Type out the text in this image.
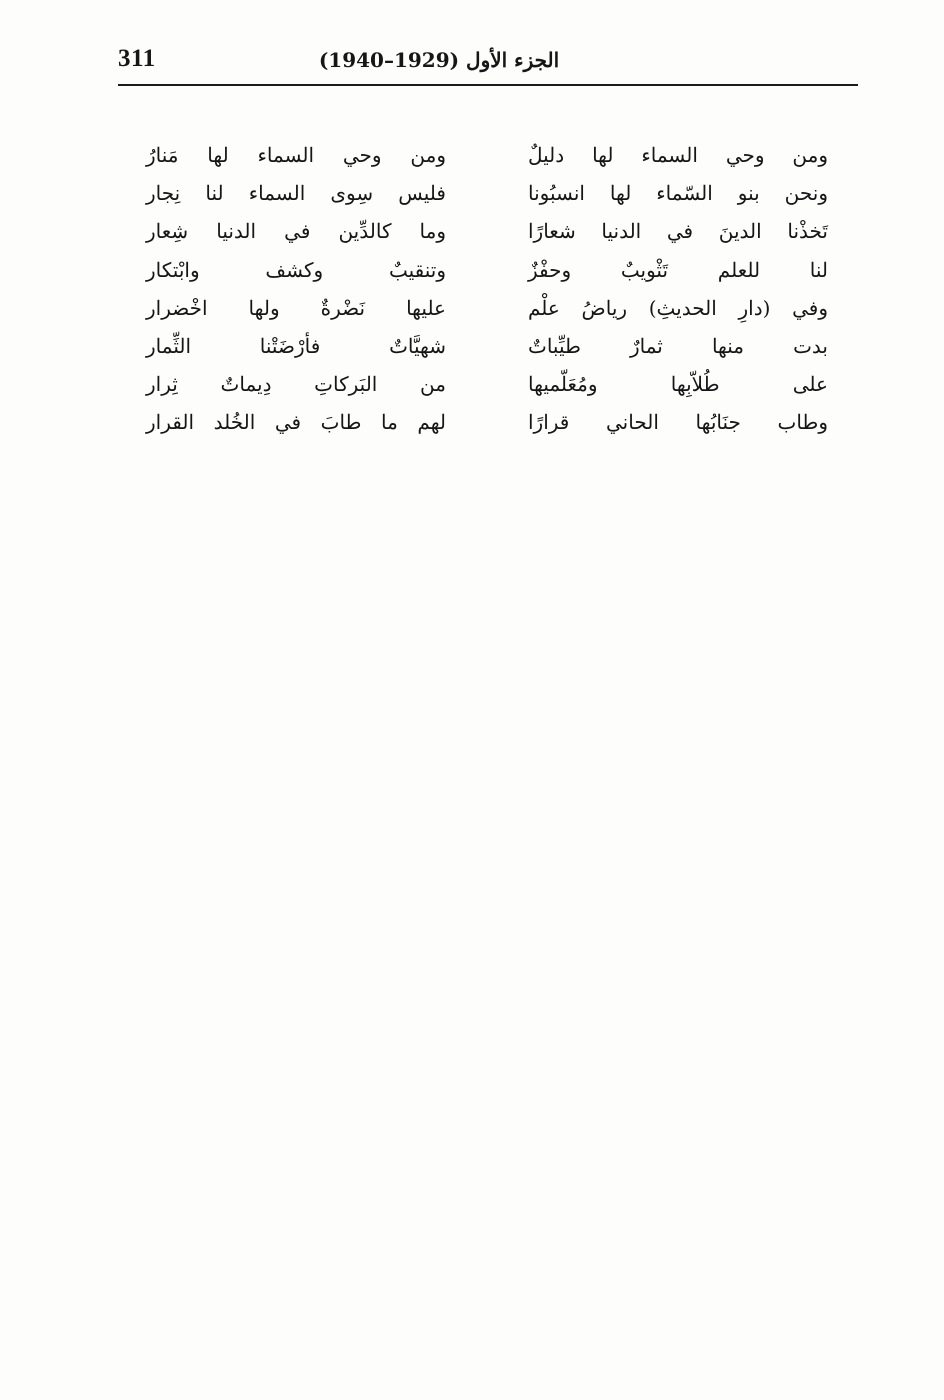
311	الجزء الأول (1929–1940)
ومن وحي السماء لها دليلٌ
ونحن بنو السّماء لها انسبُونا
تَخذْنا الدينَ في الدنيا شعارًا
لنا للعلم تَثْويبٌ وحفْزٌ
وفي (دارِ الحديثِ) رياضُ علْم
بدت منها ثمارٌ طيِّباتٌ
على طُلاّبِها ومُعَلّميها
وطاب جنَابُها الحاني قرارًا
ومن وحي السماء لها مَنارُ
فليس سِوى السماء لنا نِجار
وما كالدِّين في الدنيا شِعار
وتنقيبٌ وكشف وابْتكار
عليها نَضْرةٌ ولها اخْضرار
شهيَّاتٌ فأرْضَتْنا الثِّمار
من البَركاتِ دِيماتٌ ثِرار
لهم ما طابَ في الخُلد القرار
